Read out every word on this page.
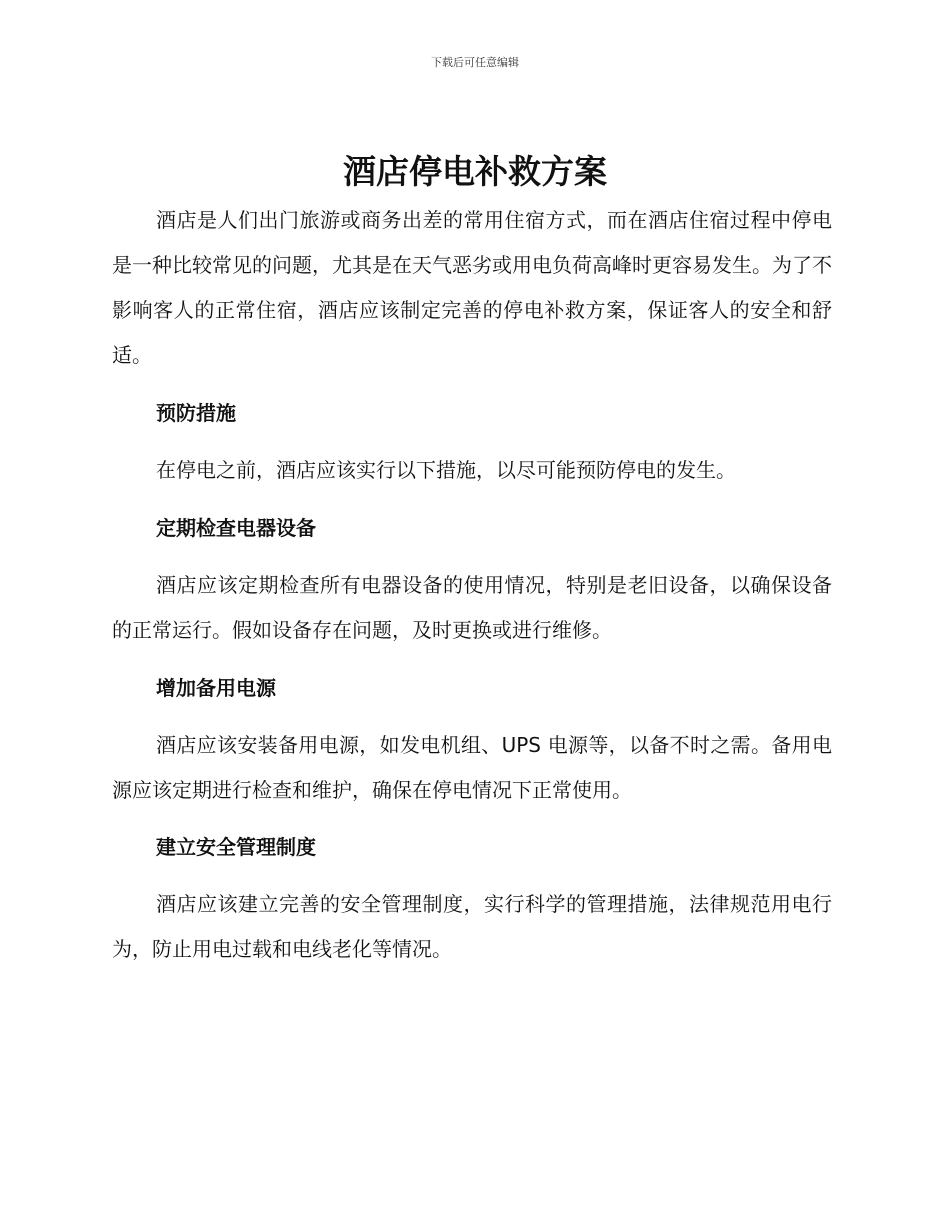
下载后可任意编辑
酒店停电补救方案

酒店是人们出门旅游或商务出差的常用住宿方式，而在酒店住宿过程中停电是一种比较常见的问题，尤其是在天气恶劣或用电负荷高峰时更容易发生。为了不影响客人的正常住宿，酒店应该制定完善的停电补救方案，保证客人的安全和舒适。

预防措施

在停电之前，酒店应该实行以下措施，以尽可能预防停电的发生。

定期检查电器设备

酒店应该定期检查所有电器设备的使用情况，特别是老旧设备，以确保设备的正常运行。假如设备存在问题，及时更换或进行维修。

增加备用电源

酒店应该安装备用电源，如发电机组、UPS 电源等，以备不时之需。备用电源应该定期进行检查和维护，确保在停电情况下正常使用。

建立安全管理制度

酒店应该建立完善的安全管理制度，实行科学的管理措施，法律规范用电行为，防止用电过载和电线老化等情况。
